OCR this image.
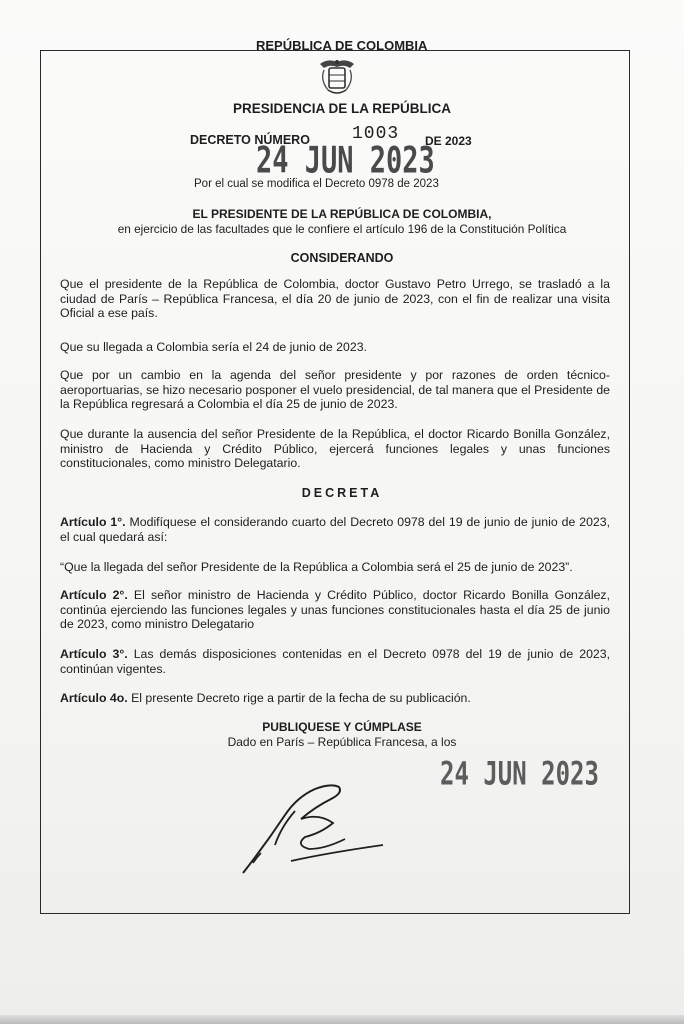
REPÚBLICA DE COLOMBIA
PRESIDENCIA DE LA REPÚBLICA
DECRETO NÚMERO 1003 DE 2023
24 JUN 2023
Por el cual se modifica el Decreto 0978 de 2023
EL PRESIDENTE DE LA REPÚBLICA DE COLOMBIA,
en ejercicio de las facultades que le confiere el artículo 196 de la Constitución Política
CONSIDERANDO
Que el presidente de la República de Colombia, doctor Gustavo Petro Urrego, se trasladó a la ciudad de París – República Francesa, el día 20 de junio de 2023, con el fin de realizar una visita Oficial a ese país.
Que su llegada a Colombia sería el 24 de junio de 2023.
Que por un cambio en la agenda del señor presidente y por razones de orden técnico-aeroportuarias, se hizo necesario posponer el vuelo presidencial, de tal manera que el Presidente de la República regresará a Colombia el día 25 de junio de 2023.
Que durante la ausencia del señor Presidente de la República, el doctor Ricardo Bonilla González, ministro de Hacienda y Crédito Público, ejercerá funciones legales y unas funciones constitucionales, como ministro Delegatario.
DECRETA
Artículo 1°. Modifíquese el considerando cuarto del Decreto 0978 del 19 de junio de junio de 2023, el cual quedará así:
“Que la llegada del señor Presidente de la República a Colombia será el 25 de junio de 2023”.
Artículo 2°. El señor ministro de Hacienda y Crédito Público, doctor Ricardo Bonilla González, continúa ejerciendo las funciones legales y unas funciones constitucionales hasta el día 25 de junio de 2023, como ministro Delegatario
Artículo 3°. Las demás disposiciones contenidas en el Decreto 0978 del 19 de junio de 2023, continúan vigentes.
Artículo 4o. El presente Decreto rige a partir de la fecha de su publicación.
PUBLIQUESE Y CÚMPLASE
Dado en París – República Francesa, a los
24 JUN 2023
